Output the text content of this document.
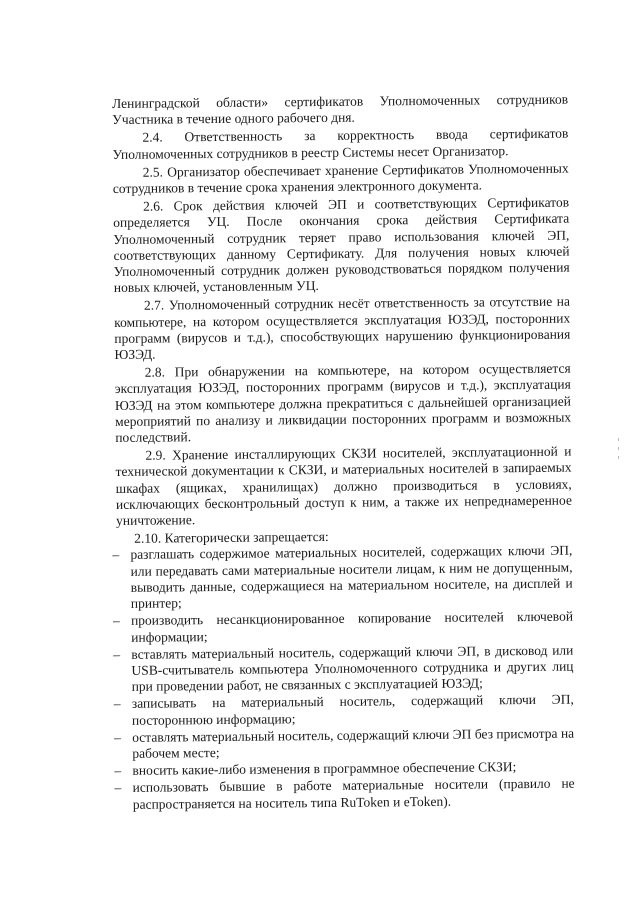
Ленинградской области» сертификатов Уполномоченных сотрудников Участника в течение одного рабочего дня.

2.4. Ответственность за корректность ввода сертификатов Уполномоченных сотрудников в реестр Системы несет Организатор.

2.5. Организатор обеспечивает хранение Сертификатов Уполномоченных сотрудников в течение срока хранения электронного документа.

2.6. Срок действия ключей ЭП и соответствующих Сертификатов определяется УЦ. После окончания срока действия Сертификата Уполномоченный сотрудник теряет право использования ключей ЭП, соответствующих данному Сертификату. Для получения новых ключей Уполномоченный сотрудник должен руководствоваться порядком получения новых ключей, установленным УЦ.

2.7. Уполномоченный сотрудник несёт ответственность за отсутствие на компьютере, на котором осуществляется эксплуатация ЮЗЭД, посторонних программ (вирусов и т.д.), способствующих нарушению функционирования ЮЗЭД.

2.8. При обнаружении на компьютере, на котором осуществляется эксплуатация ЮЗЭД, посторонних программ (вирусов и т.д.), эксплуатация ЮЗЭД на этом компьютере должна прекратиться с дальнейшей организацией мероприятий по анализу и ликвидации посторонних программ и возможных последствий.

2.9. Хранение инсталлирующих СКЗИ носителей, эксплуатационной и технической документации к СКЗИ, и материальных носителей в запираемых шкафах (ящиках, хранилищах) должно производиться в условиях, исключающих бесконтрольный доступ к ним, а также их непреднамеренное уничтожение.

2.10. Категорически запрещается:

– разглашать содержимое материальных носителей, содержащих ключи ЭП, или передавать сами материальные носители лицам, к ним не допущенным, выводить данные, содержащиеся на материальном носителе, на дисплей и принтер;
– производить несанкционированное копирование носителей ключевой информации;
– вставлять материальный носитель, содержащий ключи ЭП, в дисковод или USB-считыватель компьютера Уполномоченного сотрудника и других лиц при проведении работ, не связанных с эксплуатацией ЮЗЭД;
– записывать на материальный носитель, содержащий ключи ЭП, постороннюю информацию;
– оставлять материальный носитель, содержащий ключи ЭП без присмотра на рабочем месте;
– вносить какие-либо изменения в программное обеспечение СКЗИ;
– использовать бывшие в работе материальные носители (правило не распространяется на носитель типа RuToken и eToken).
